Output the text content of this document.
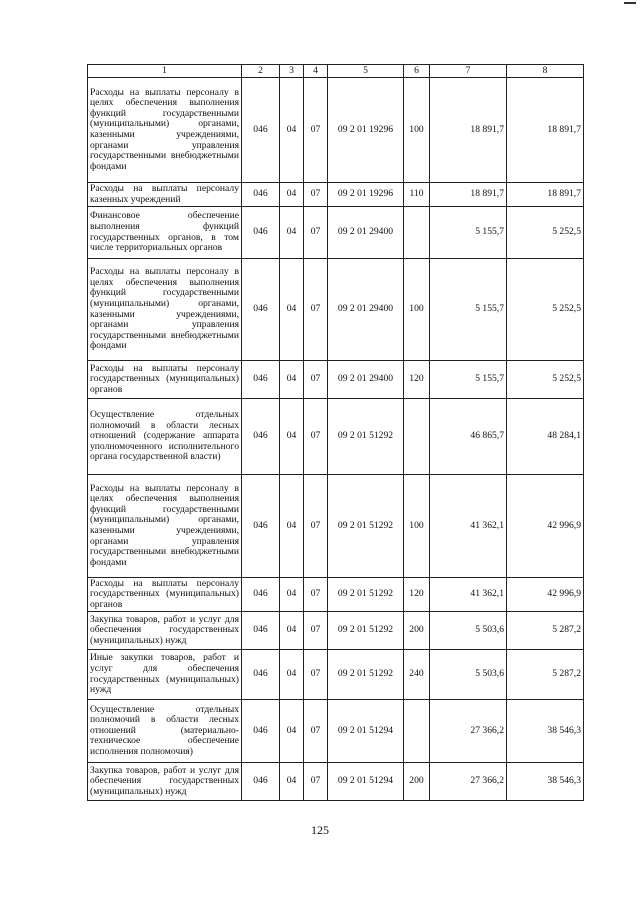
1	2	3	4	5	6	7	8
Расходы на выплаты персоналу в целях обеспечения выполнения функций государственными (муниципальными) органами, казенными учреждениями, органами управления государственными внебюджетными фондами	046	04	07	09 2 01 19296	100	18 891,7	18 891,7
Расходы на выплаты персоналу казенных учреждений	046	04	07	09 2 01 19296	110	18 891,7	18 891,7
Финансовое обеспечение выполнения функций государственных органов, в том числе территориальных органов	046	04	07	09 2 01 29400		5 155,7	5 252,5
Расходы на выплаты персоналу в целях обеспечения выполнения функций государственными (муниципальными) органами, казенными учреждениями, органами управления государственными внебюджетными фондами	046	04	07	09 2 01 29400	100	5 155,7	5 252,5
Расходы на выплаты персоналу государственных (муниципальных) органов	046	04	07	09 2 01 29400	120	5 155,7	5 252,5
Осуществление отдельных полномочий в области лесных отношений (содержание аппарата уполномоченного исполнительного органа государственной власти)	046	04	07	09 2 01 51292		46 865,7	48 284,1
Расходы на выплаты персоналу в целях обеспечения выполнения функций государственными (муниципальными) органами, казенными учреждениями, органами управления государственными внебюджетными фондами	046	04	07	09 2 01 51292	100	41 362,1	42 996,9
Расходы на выплаты персоналу государственных (муниципальных) органов	046	04	07	09 2 01 51292	120	41 362,1	42 996,9
Закупка товаров, работ и услуг для обеспечения государственных (муниципальных) нужд	046	04	07	09 2 01 51292	200	5 503,6	5 287,2
Иные закупки товаров, работ и услуг для обеспечения государственных (муниципальных) нужд	046	04	07	09 2 01 51292	240	5 503,6	5 287,2
Осуществление отдельных полномочий в области лесных отношений (материально-техническое обеспечение исполнения полномочия)	046	04	07	09 2 01 51294		27 366,2	38 546,3
Закупка товаров, работ и услуг для обеспечения государственных (муниципальных) нужд	046	04	07	09 2 01 51294	200	27 366,2	38 546,3
125
